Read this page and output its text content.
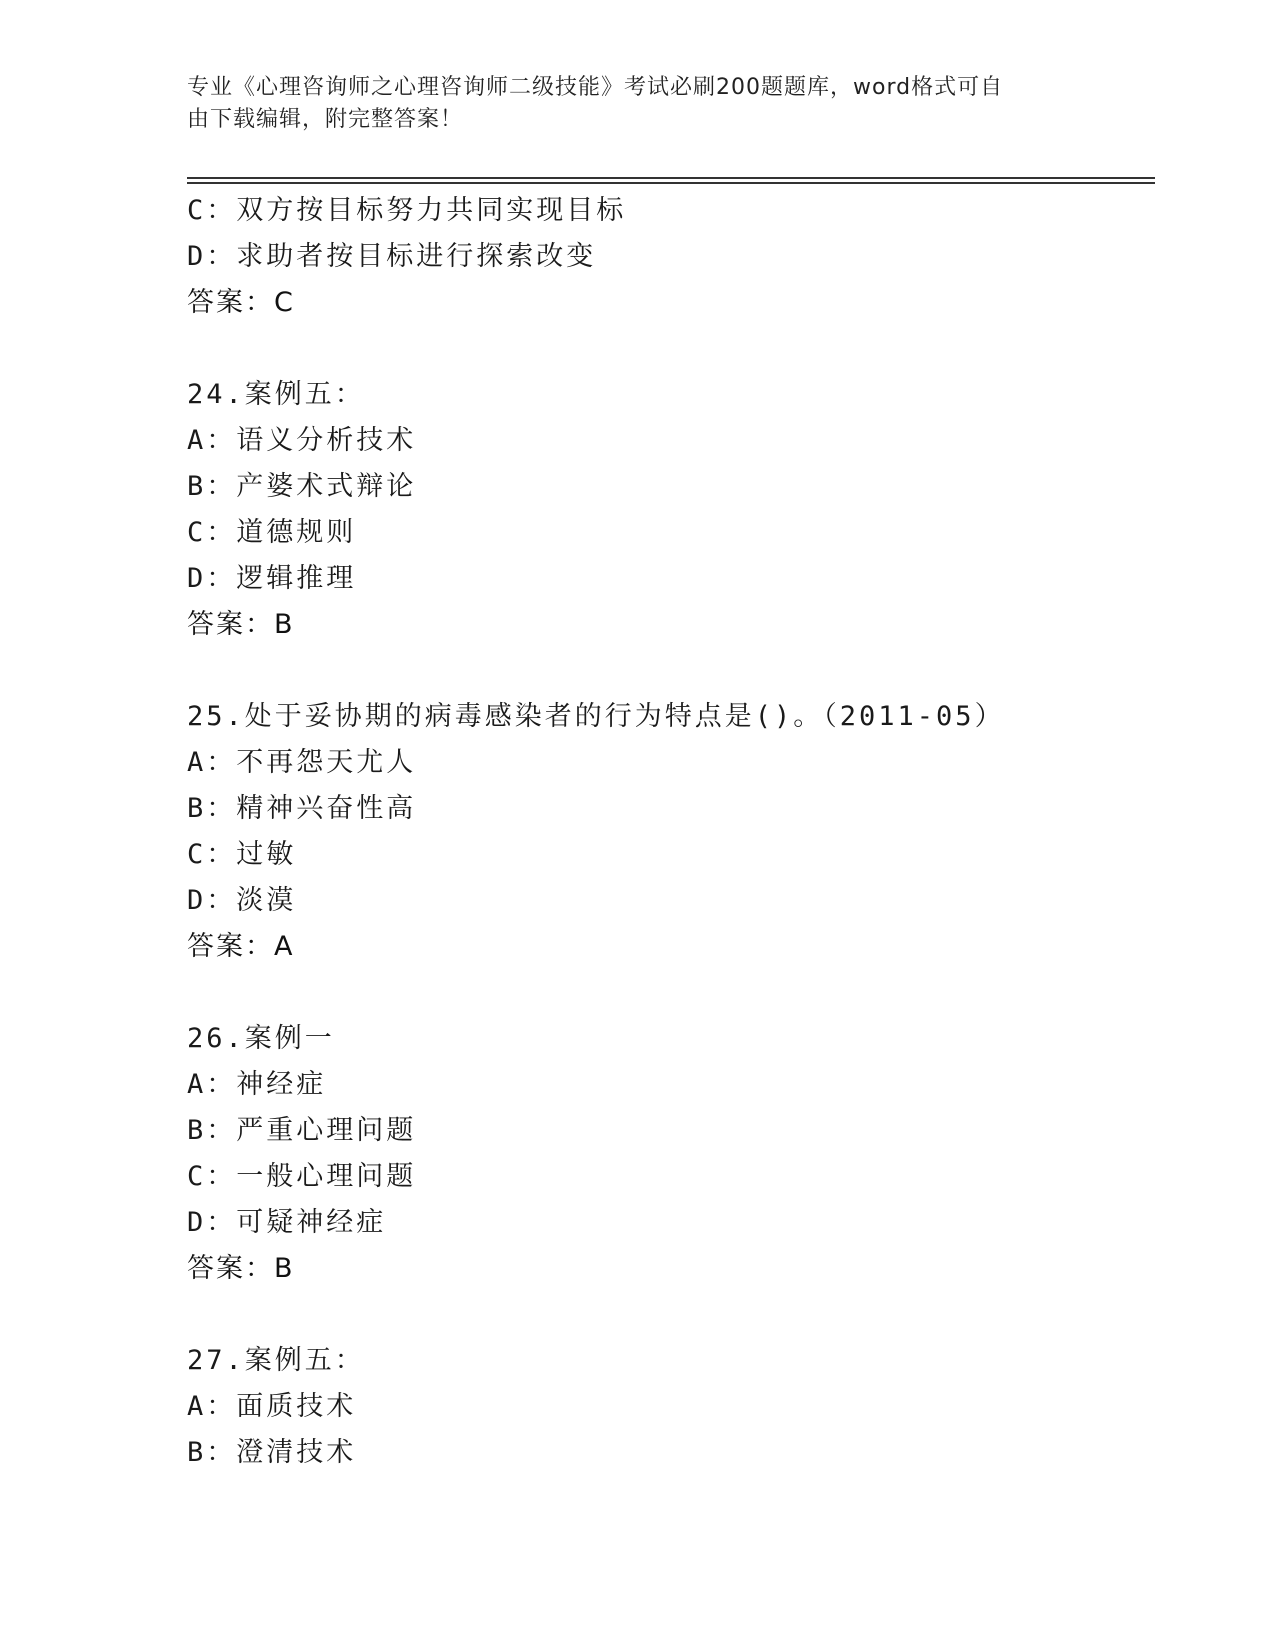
专业《心理咨询师之心理咨询师二级技能》考试必刷200题题库，word格式可自
由下载编辑，附完整答案！
C：双方按目标努力共同实现目标
D：求助者按目标进行探索改变
答案：C
24.案例五：
A：语义分析技术
B：产婆术式辩论
C：道德规则
D：逻辑推理
答案：B
25.处于妥协期的病毒感染者的行为特点是()。（2011-05）
A：不再怨天尤人
B：精神兴奋性高
C：过敏
D：淡漠
答案：A
26.案例一
A：神经症
B：严重心理问题
C：一般心理问题
D：可疑神经症
答案：B
27.案例五：
A：面质技术
B：澄清技术
